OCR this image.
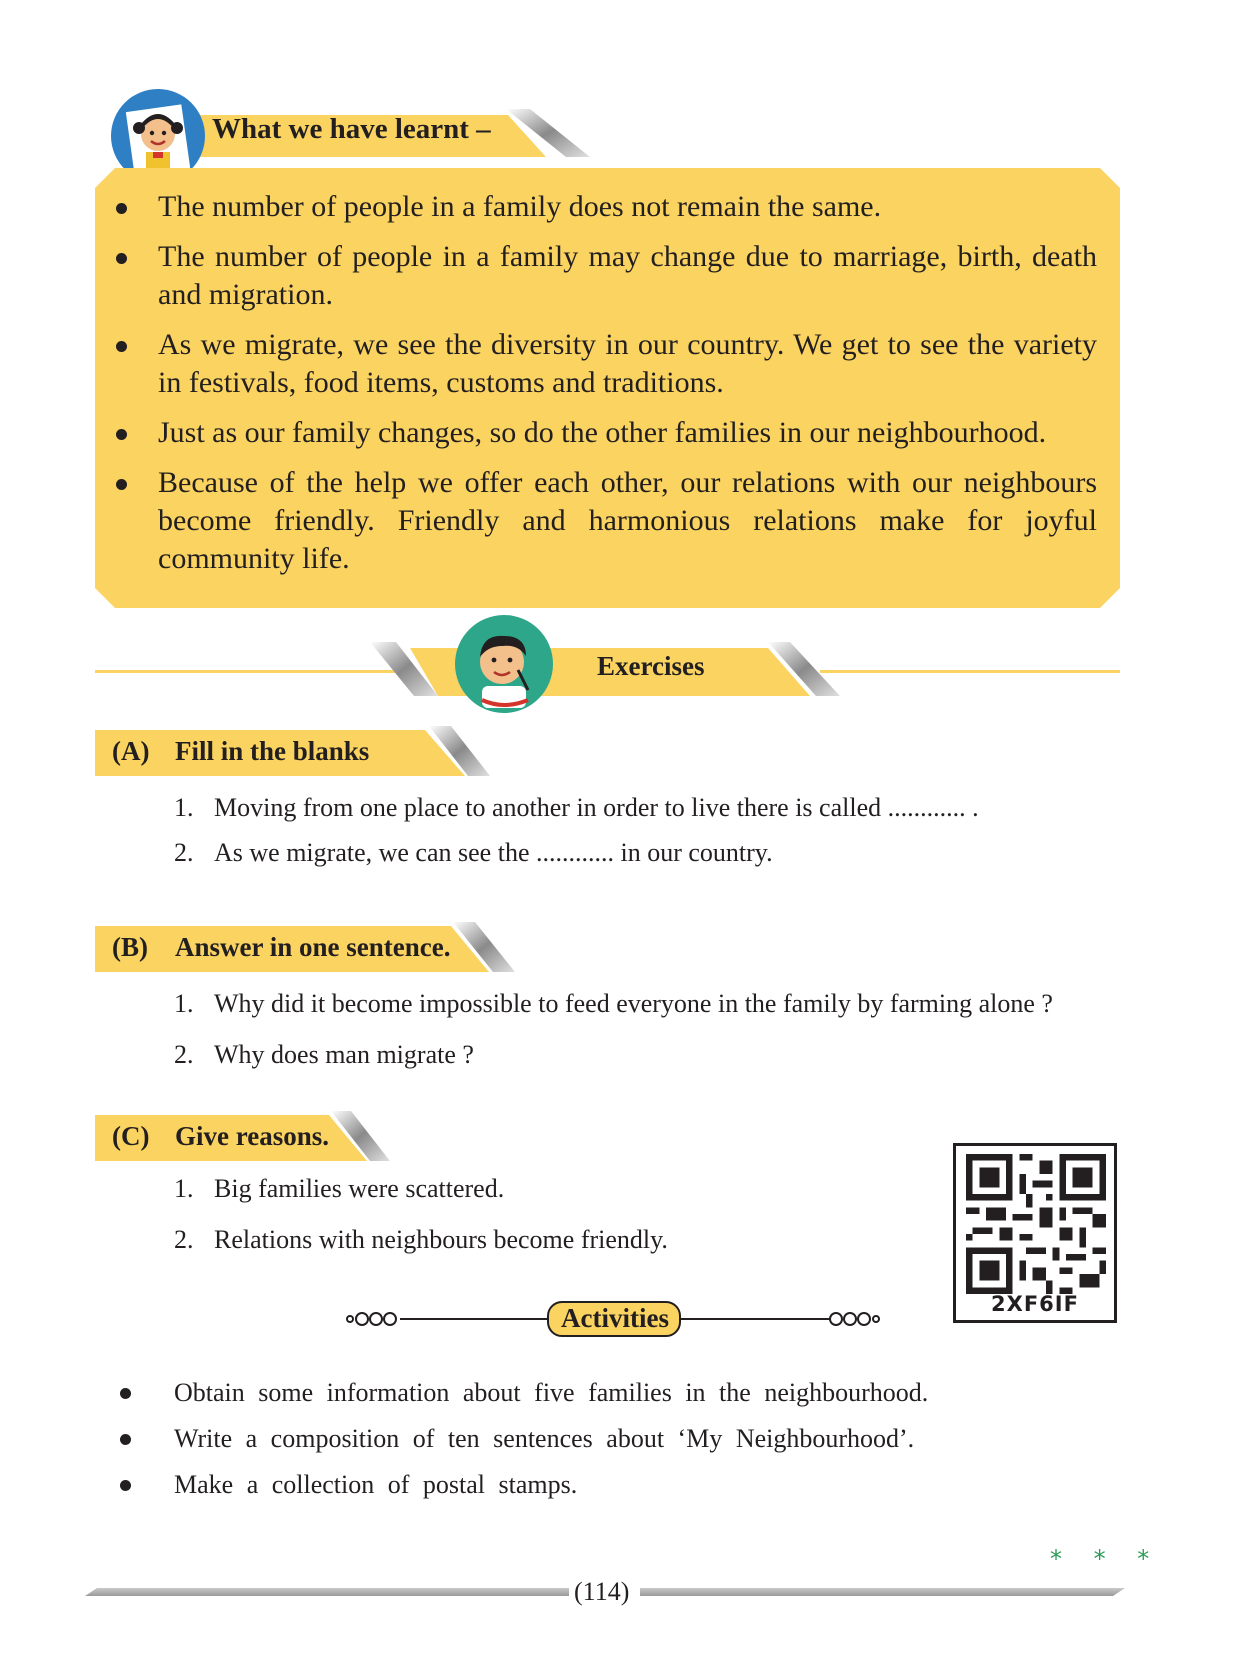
What we have learnt –
The number of people in a family does not remain the same.
The number of people in a family may change due to marriage, birth, death and migration.
As we migrate, we see the diversity in our country. We get to see the variety in festivals, food items, customs and traditions.
Just as our family changes, so do the other families in our neighbourhood.
Because of the help we offer each other, our relations with our neighbours become friendly. Friendly and harmonious relations make for joyful community life.
Exercises
(A) Fill in the blanks
1. Moving from one place to another in order to live there is called ............ .
2. As we migrate, we can see the ............ in our country.
(B) Answer in one sentence.
1. Why did it become impossible to feed everyone in the family by farming alone ?
2. Why does man migrate ?
(C) Give reasons.
1. Big families were scattered.
2. Relations with neighbours become friendly.
2XF6IF
Activities
Obtain some information about five families in the neighbourhood.
Write a composition of ten sentences about ‘My Neighbourhood’.
Make a collection of postal stamps.
* * *
(114)
